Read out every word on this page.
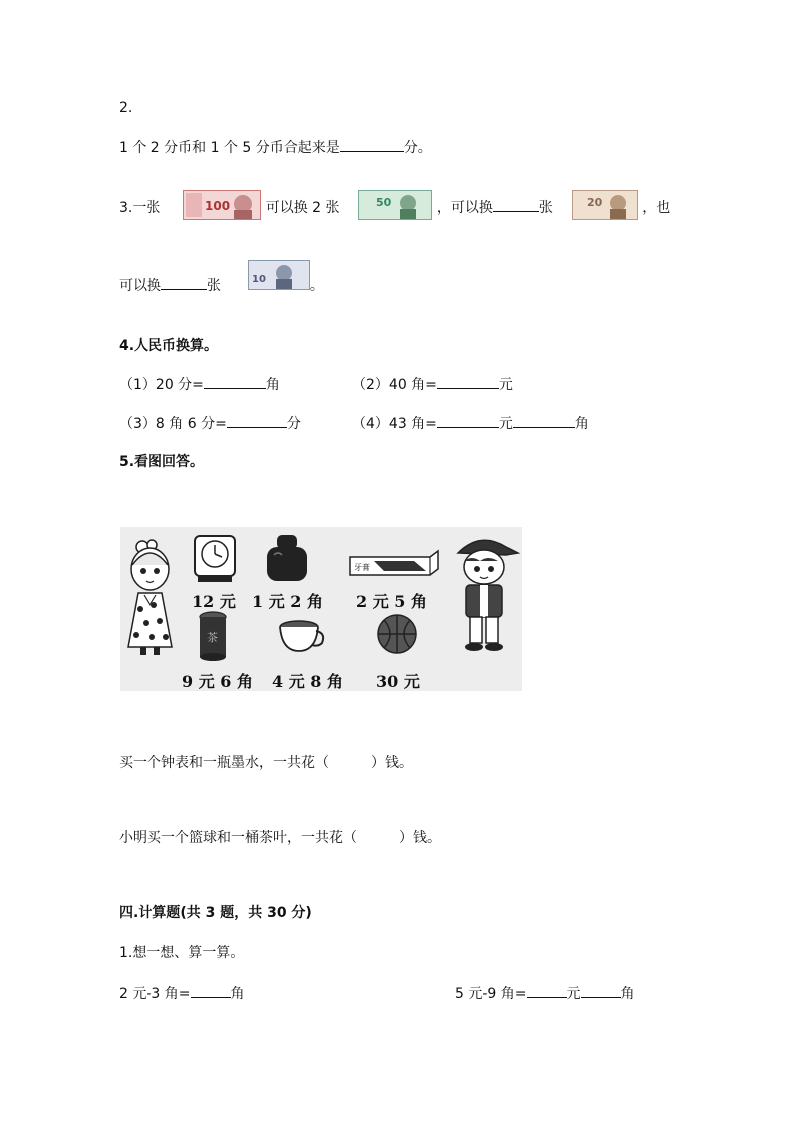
2.
1 个 2 分币和 1 个 5 分币合起来是	分。
3.一张	100	可以换 2 张	50	，可以换	张	20	，也
可以换	张	10	。
4.人民币换算。
（1）20 分=	角	（2）40 角=	元
（3）8 角 6 分=	分	（4）43 角=	元	角
5.看图回答。
12 元 1 元 2 角
牙膏
2 元 5 角
茶
9 元 6 角 4 元 8 角 30 元
买一个钟表和一瓶墨水，一共花（　　　）钱。
小明买一个篮球和一桶茶叶，一共花（　　　）钱。
四.计算题(共 3 题，共 30 分)
1.想一想、算一算。
2 元-3 角=	角	5 元-9 角=	元	角
